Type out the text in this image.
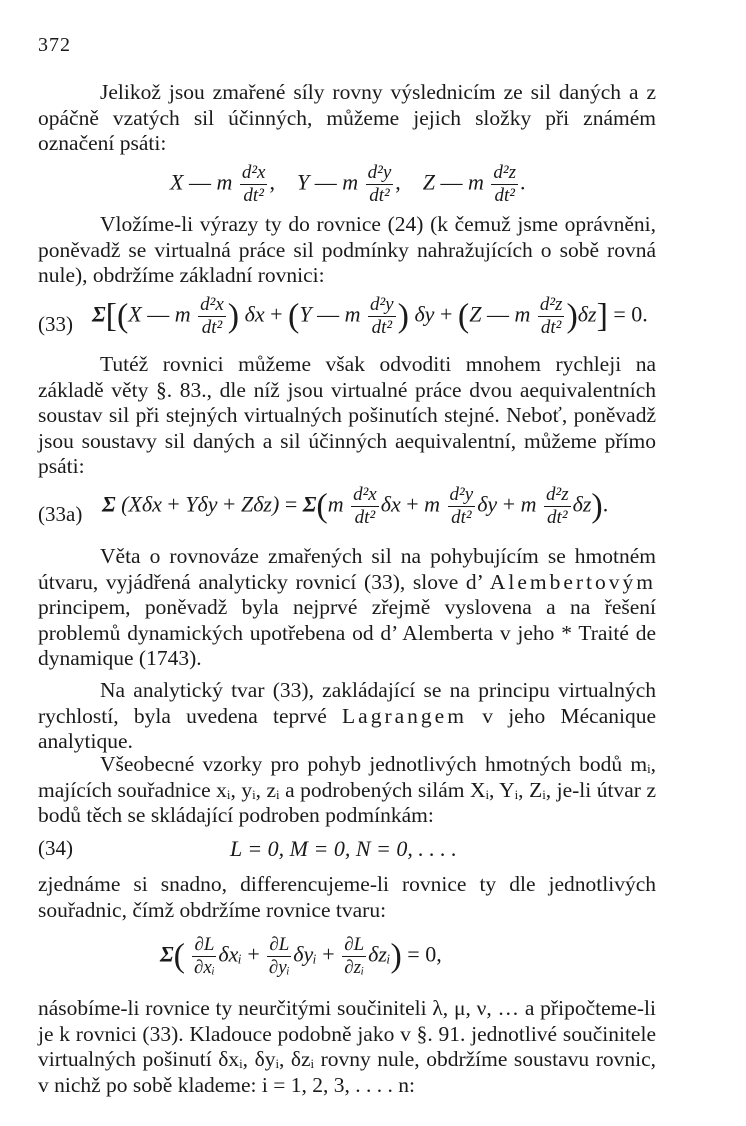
372
Jelikož jsou zmařené síly rovny výslednicím ze sil daných a z opáčně vzatých sil účinných, můžeme jejich složky při známém označení psáti:
X — m $\frac{\text{d²x}}{\text{dt²}}$ ,    Y — m $\frac{\text{d²y}}{\text{dt²}}$ ,    Z — m $\frac{\text{d²z}}{\text{dt²}}$ .
Vložíme-li výrazy ty do rovnice (24) (k čemuž jsme oprávněni, poněvadž se virtualná práce sil podmínky nahražujících o sobě rovná nule), obdržíme základní rovnici:
(33) Σ[(X — m $\frac{\text{d²x}}{\text{dt²}}$ ) δx + (Y — m $\frac{\text{d²y}}{\text{dt²}}$ ) δy + (Z — m $\frac{\text{d²z}}{\text{dt²}} )\delta z] = 0$.
Tutéž rovnici můžeme však odvoditi mnohem rychleji na základě věty §. 83., dle níž jsou virtualné práce dvou aequivalentních soustav sil při stejných virtualných pošinutích stejné. Neboť, poněvadž jsou soustavy sil daných a sil účinných aequivalentní, můžeme přímo psáti:
(33a) Σ $(X\delta x + Y\delta y + Z\delta z) = \Sigma(m \frac{\text{d²x}}{\text{dt²}}$ δx + m $\frac{\text{d²y}}{\text{dt²}}$ δy + m $\frac{\text{d²z}}{\text{dt²}} \delta z$).
Věta o rovnováze zmařených sil na pohybujícím se hmotném útvaru, vyjádřená analyticky rovnicí (33), slove d’ Alembertovým principem, poněvadž byla nejprvé zřejmě vyslovena a na řešení problemů dynamických upotřebena od d’ Alemberta v jeho * Traité de dynamique (1743).
Na analytický tvar (33), zakládající se na principu virtualných rychlostí, byla uvedena teprvé Lagrangem v jeho Mécanique analytique.
Všeobecné vzorky pro pohyb jednotlivých hmotných bodů mᵢ, majících souřadnice xᵢ, yᵢ, zᵢ a podrobených silám Xᵢ, Yᵢ, Zᵢ, je-li útvar z bodů těch se skládající podroben podmínkám:
(34)	L = 0, M = 0, N = 0, . . . .
zjednáme si snadno, differencujeme-li rovnice ty dle jednotlivých souřadnic, čímž obdržíme rovnice tvaru:
$\Sigma( \frac{\partial L}{\text{∂xᵢ}}$ δxᵢ + $\frac{\partial L}{\text{∂yᵢ}}$ δyᵢ + $\frac{\partial L}{\text{∂zᵢ}}$ δzᵢ) = 0,
násobíme-li rovnice ty neurčitými součiniteli λ, μ, ν, … a připočteme-li je k rovnici (33). Kladouce podobně jako v §. 91. jednotlivé součinitele virtualných pošinutí δxᵢ, δyᵢ, δzᵢ rovny nule, obdržíme soustavu rovnic, v nichž po sobě klademe: i = 1, 2, 3, . . . . n:
